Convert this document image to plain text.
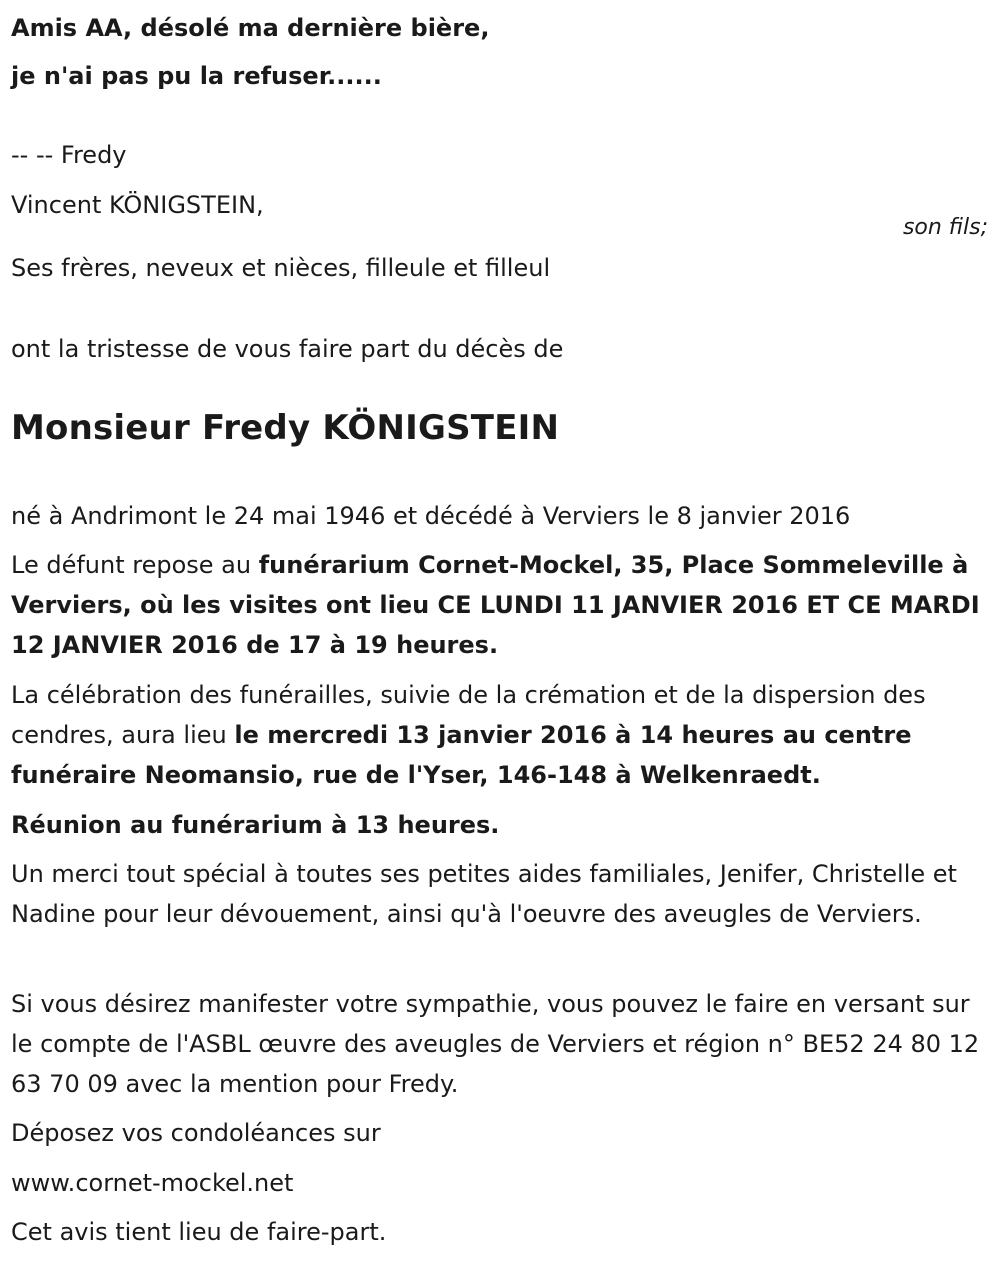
Amis AA, désolé ma dernière bière,
je n'ai pas pu la refuser......
-- -- Fredy
Vincent KÖNIGSTEIN,
son fils;
Ses frères, neveux et nièces, filleule et filleul
ont la tristesse de vous faire part du décès de
Monsieur Fredy KÖNIGSTEIN
né à Andrimont le 24 mai 1946 et décédé à Verviers le 8 janvier 2016
Le défunt repose au funérarium Cornet-Mockel, 35, Place Sommeleville à Verviers, où les visites ont lieu CE LUNDI 11 JANVIER 2016 ET CE MARDI 12 JANVIER 2016 de 17 à 19 heures.
La célébration des funérailles, suivie de la crémation et de la dispersion des cendres, aura lieu le mercredi 13 janvier 2016 à 14 heures au centre funéraire Neomansio, rue de l'Yser, 146-148 à Welkenraedt.
Réunion au funérarium à 13 heures.
Un merci tout spécial à toutes ses petites aides familiales, Jenifer, Christelle et Nadine pour leur dévouement, ainsi qu'à l'oeuvre des aveugles de Verviers.
Si vous désirez manifester votre sympathie, vous pouvez le faire en versant sur le compte de l'ASBL œuvre des aveugles de Verviers et région n° BE52 24 80 12 63 70 09 avec la mention pour Fredy.
Déposez vos condoléances sur
www.cornet-mockel.net
Cet avis tient lieu de faire-part.
